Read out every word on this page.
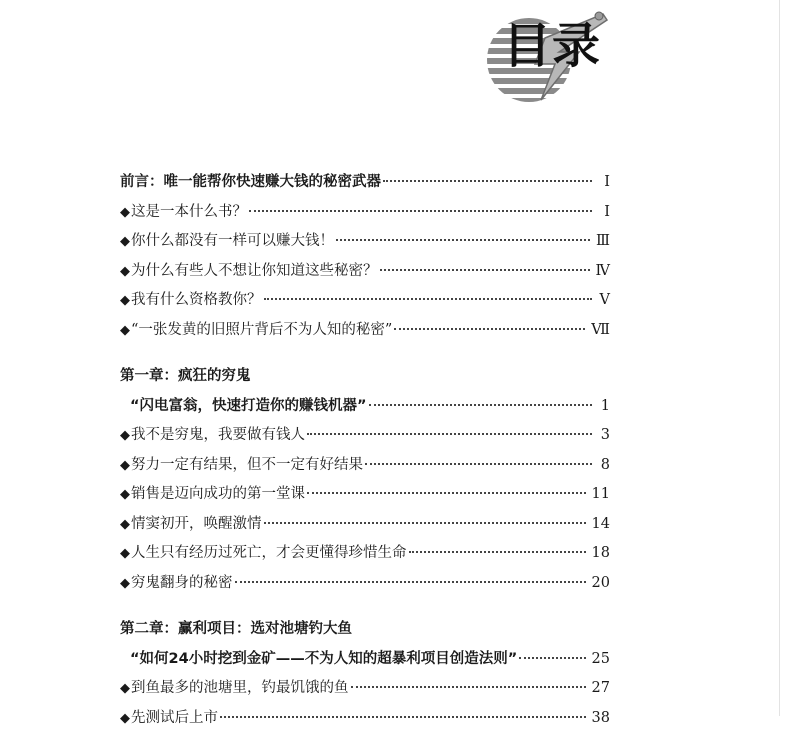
目录
前言：唯一能帮你快速赚大钱的秘密武器	Ⅰ
◆这是一本什么书？	Ⅰ
◆你什么都没有一样可以赚大钱！	Ⅲ
◆为什么有些人不想让你知道这些秘密？	Ⅳ
◆我有什么资格教你？	Ⅴ
◆“一张发黄的旧照片背后不为人知的秘密”	Ⅶ
第一章：疯狂的穷鬼
“闪电富翁，快速打造你的赚钱机器”	1
◆我不是穷鬼，我要做有钱人	3
◆努力一定有结果，但不一定有好结果	8
◆销售是迈向成功的第一堂课	11
◆情窦初开，唤醒激情	14
◆人生只有经历过死亡，才会更懂得珍惜生命	18
◆穷鬼翻身的秘密	20
第二章：赢利项目：选对池塘钓大鱼
“如何24小时挖到金矿——不为人知的超暴利项目创造法则”	25
◆到鱼最多的池塘里，钓最饥饿的鱼	27
◆先测试后上市	38
